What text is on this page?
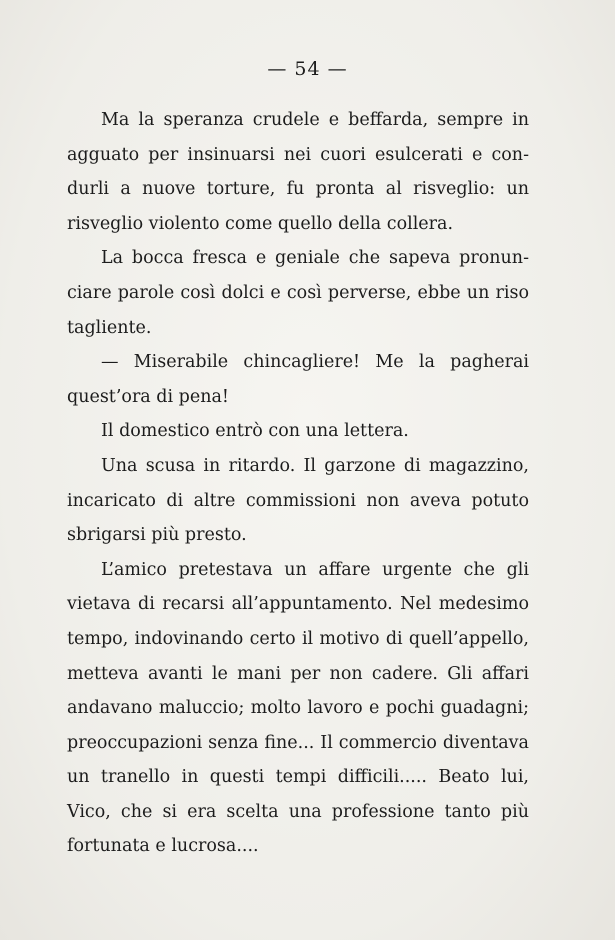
— 54 —

Ma la speranza crudele e beffarda, sempre in agguato per insinuarsi nei cuori esulcerati e condurli a nuove torture, fu pronta al risveglio: un risveglio violento come quello della collera.

La bocca fresca e geniale che sapeva pronunciare parole così dolci e così perverse, ebbe un riso tagliente.

— Miserabile chincagliere! Me la pagherai quest’ora di pena!

Il domestico entrò con una lettera.

Una scusa in ritardo. Il garzone di magazzino, incaricato di altre commissioni non aveva potuto sbrigarsi più presto.

L’amico pretestava un affare urgente che gli vietava di recarsi all’appuntamento. Nel medesimo tempo, indovinando certo il motivo di quell’appello, metteva avanti le mani per non cadere. Gli affari andavano maluccio; molto lavoro e pochi guadagni; preoccupazioni senza fine... Il commercio diventava un tranello in questi tempi difficili..... Beato lui, Vico, che si era scelta una professione tanto più fortunata e lucrosa....
